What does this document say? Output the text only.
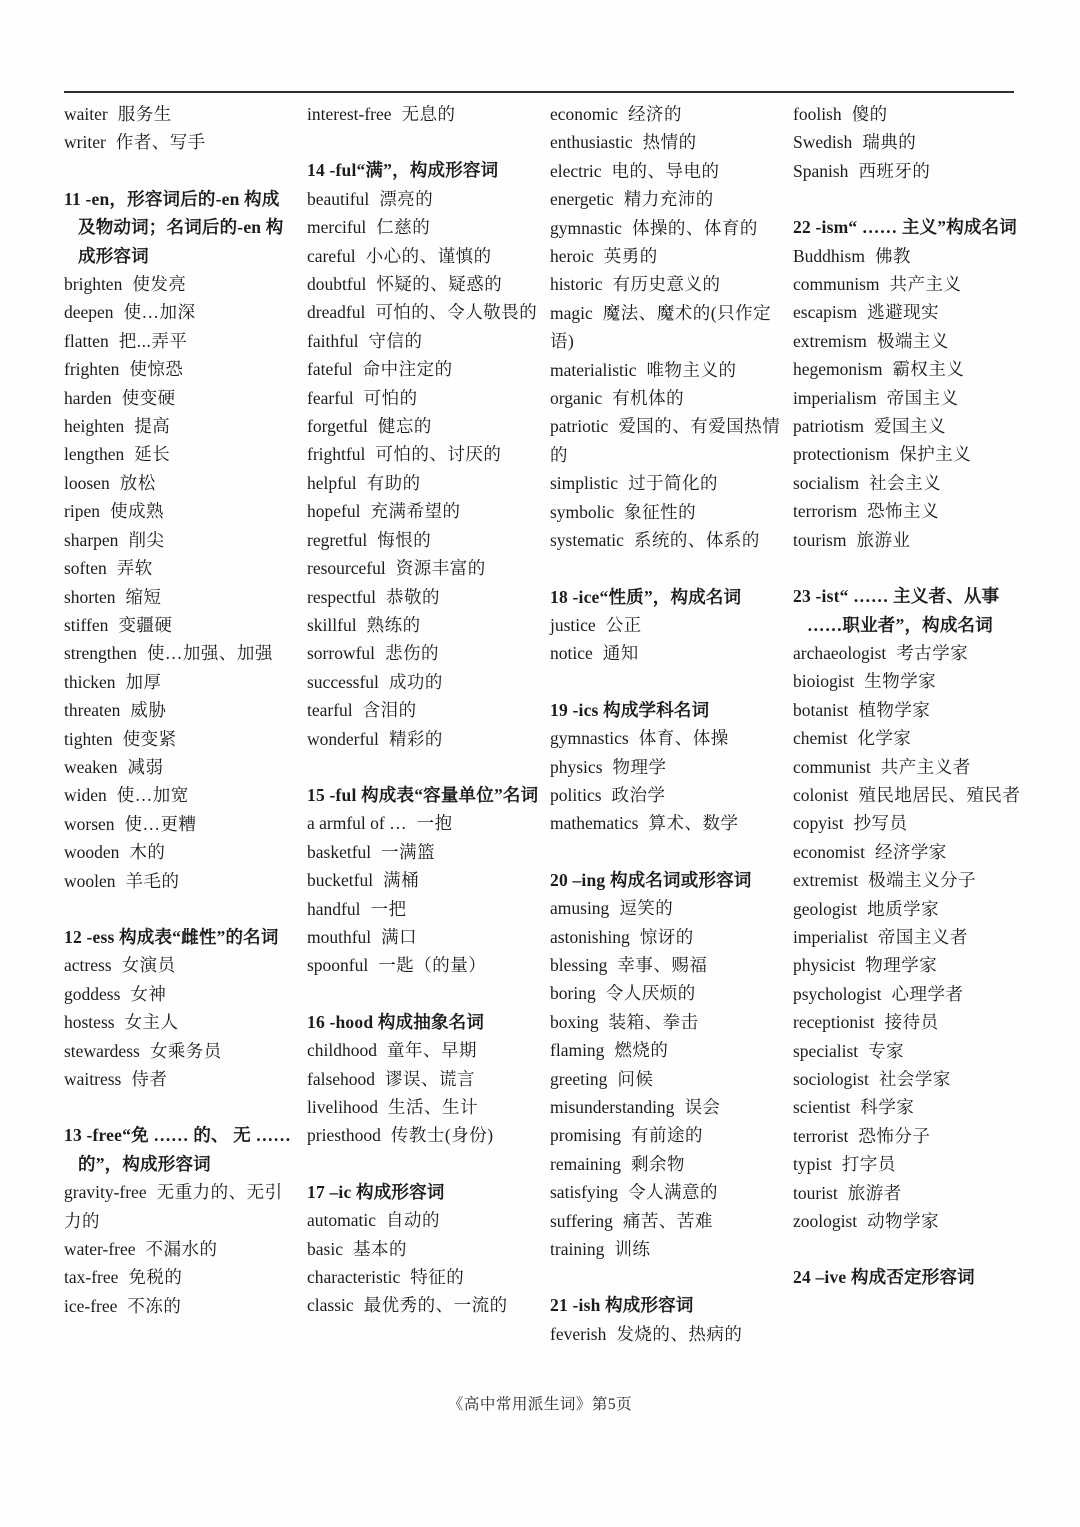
waiter 服务生
writer 作者、写手
11 -en，形容词后的-en 构成及物动词；名词后的-en 构成形容词
brighten 使发亮
deepen 使…加深
flatten 把...弄平
frighten 使惊恐
harden 使变硬
heighten 提高
lengthen 延长
loosen 放松
ripen 使成熟
sharpen 削尖
soften 弄软
shorten 缩短
stiffen 变疆硬
strengthen 使…加强、加强
thicken 加厚
threaten 威胁
tighten 使变紧
weaken 减弱
widen 使…加宽
worsen 使…更糟
wooden 木的
woolen 羊毛的
12 -ess 构成表“雌性”的名词
actress 女演员
goddess 女神
hostess 女主人
stewardess 女乘务员
waitress 侍者
13 -free“免 …… 的、 无 ……的”，构成形容词
gravity-free 无重力的、无引力的
water-free 不漏水的
tax-free 免税的
ice-free 不冻的
interest-free 无息的
14 -ful“满”，构成形容词
beautiful 漂亮的
merciful 仁慈的
careful 小心的、谨慎的
doubtful 怀疑的、疑惑的
dreadful 可怕的、令人敬畏的
faithful 守信的
fateful 命中注定的
fearful 可怕的
forgetful 健忘的
frightful 可怕的、讨厌的
helpful 有助的
hopeful 充满希望的
regretful 悔恨的
resourceful 资源丰富的
respectful 恭敬的
skillful 熟练的
sorrowful 悲伤的
successful 成功的
tearful 含泪的
wonderful 精彩的
15 -ful 构成表“容量单位”名词
a armful of … 一抱
basketful 一满篮
bucketful 满桶
handful 一把
mouthful 满口
spoonful 一匙（的量）
16 -hood 构成抽象名词
childhood 童年、早期
falsehood 谬误、谎言
livelihood 生活、生计
priesthood 传教士(身份)
17 –ic 构成形容词
automatic 自动的
basic 基本的
characteristic 特征的
classic 最优秀的、一流的
economic 经济的
enthusiastic 热情的
electric 电的、导电的
energetic 精力充沛的
gymnastic 体操的、体育的
heroic 英勇的
historic 有历史意义的
magic 魔法、魔术的(只作定语)
materialistic 唯物主义的
organic 有机体的
patriotic 爱国的、有爱国热情的
simplistic 过于简化的
symbolic 象征性的
systematic 系统的、体系的
18 -ice“性质”，构成名词
justice 公正
notice 通知
19 -ics 构成学科名词
gymnastics 体育、体操
physics 物理学
politics 政治学
mathematics 算术、数学
20 –ing 构成名词或形容词
amusing 逗笑的
astonishing 惊讶的
blessing 幸事、赐福
boring 令人厌烦的
boxing 装箱、拳击
flaming 燃烧的
greeting 问候
misunderstanding 误会
promising 有前途的
remaining 剩余物
satisfying 令人满意的
suffering 痛苦、苦难
training 训练
21 -ish 构成形容词
feverish 发烧的、热病的
foolish 傻的
Swedish 瑞典的
Spanish 西班牙的
22 -ism“ …… 主义”构成名词
Buddhism 佛教
communism 共产主义
escapism 逃避现实
extremism 极端主义
hegemonism 霸权主义
imperialism 帝国主义
patriotism 爱国主义
protectionism 保护主义
socialism 社会主义
terrorism 恐怖主义
tourism 旅游业
23 -ist“ …… 主义者、从事 ……职业者”，构成名词
archaeologist 考古学家
bioiogist 生物学家
botanist 植物学家
chemist 化学家
communist 共产主义者
colonist 殖民地居民、殖民者
copyist 抄写员
economist 经济学家
extremist 极端主义分子
geologist 地质学家
imperialist 帝国主义者
physicist 物理学家
psychologist 心理学者
receptionist 接待员
specialist 专家
sociologist 社会学家
scientist 科学家
terrorist 恐怖分子
typist 打字员
tourist 旅游者
zoologist 动物学家
24 –ive 构成否定形容词
《高中常用派生词》第5页
